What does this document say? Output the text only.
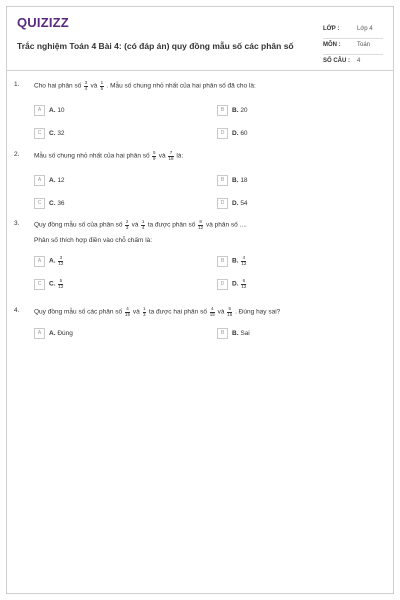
QUIZIZZ
Trắc nghiệm Toán 4 Bài 4: (có đáp án) quy đồng mẫu số các phân số
LỚP :	Lớp 4
MÔN :	Toán
SỐ CÂU : 4
1. Cho hai phân số $\frac{3}{4}$ và $\frac{1}{5}$ . Mẫu số chung nhỏ nhất của hai phân số đã cho là:
A	A. 10	B	B. 20
C	C. 32	D	D. 60
2. Mẫu số chung nhỏ nhất của hai phân số $\frac{5}{9}$ và $\frac{7}{18}$ là:
A	A. 12	B	B. 18
C	C. 36	D	D. 54
3. Quy đồng mẫu số của phân số $\frac{2}{3}$ và $\frac{1}{4}$ ta được phân số $\frac{8}{12}$ và phân số ....
Phân số thích hợp điền vào chỗ chấm là:
A	A. $\frac{3}{12}$	B	B. $\frac{4}{12}$
C	C. $\frac{5}{12}$	D	D. $\frac{6}{12}$
4. Quy đồng mẫu số các phân số $\frac{4}{15}$ và $\frac{1}{3}$ ta được hai phân số $\frac{4}{15}$ và $\frac{5}{15}$ . Đúng hay sai?
A	A. Đúng	B	B. Sai
